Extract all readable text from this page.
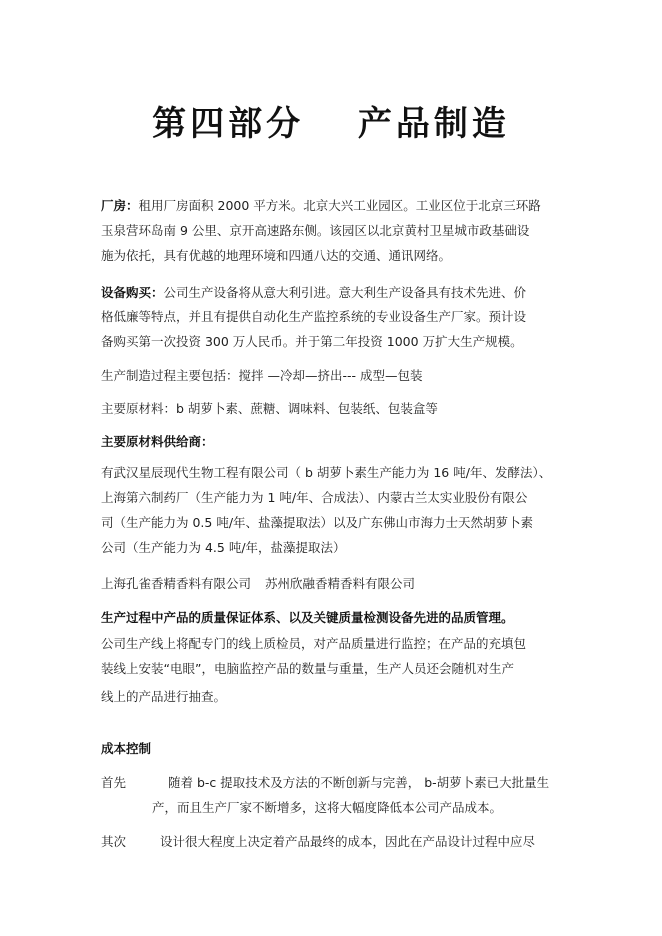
第四部分　 产品制造
厂房：租用厂房面积 2000 平方米。北京大兴工业园区。工业区位于北京三环路
玉泉营环岛南 9 公里、京开高速路东侧。该园区以北京黄村卫星城市政基础设
施为依托，具有优越的地理环境和四通八达的交通、通讯网络。
设备购买：公司生产设备将从意大利引进。意大利生产设备具有技术先进、价
格低廉等特点，并且有提供自动化生产监控系统的专业设备生产厂家。预计设
备购买第一次投资 300 万人民币。并于第二年投资 1000 万扩大生产规模。
生产制造过程主要包括：搅拌 —冷却—挤出--- 成型—包装
主要原材料：b 胡萝卜素、蔗糖、调味料、包装纸、包装盒等
主要原材料供给商：
有武汉星辰现代生物工程有限公司（ b 胡萝卜素生产能力为 16 吨/年、发酵法）、
上海第六制药厂（生产能力为 1 吨/年、合成法）、内蒙古兰太实业股份有限公
司（生产能力为 0.5 吨/年、盐藻提取法）以及广东佛山市海力士天然胡萝卜素
公司（生产能力为 4.5 吨/年，盐藻提取法）
上海孔雀香精香料有限公司 苏州欣融香精香料有限公司
生产过程中产品的质量保证体系、以及关键质量检测设备先进的品质管理。
公司生产线上将配专门的线上质检员，对产品质量进行监控；在产品的充填包
装线上安装“电眼”，电脑监控产品的数量与重量，生产人员还会随机对生产
线上的产品进行抽查。
成本控制
首先	随着 b-c 提取技术及方法的不断创新与完善， b-胡萝卜素已大批量生
产，而且生产厂家不断增多，这将大幅度降低本公司产品成本。
其次	设计很大程度上决定着产品最终的成本，因此在产品设计过程中应尽
